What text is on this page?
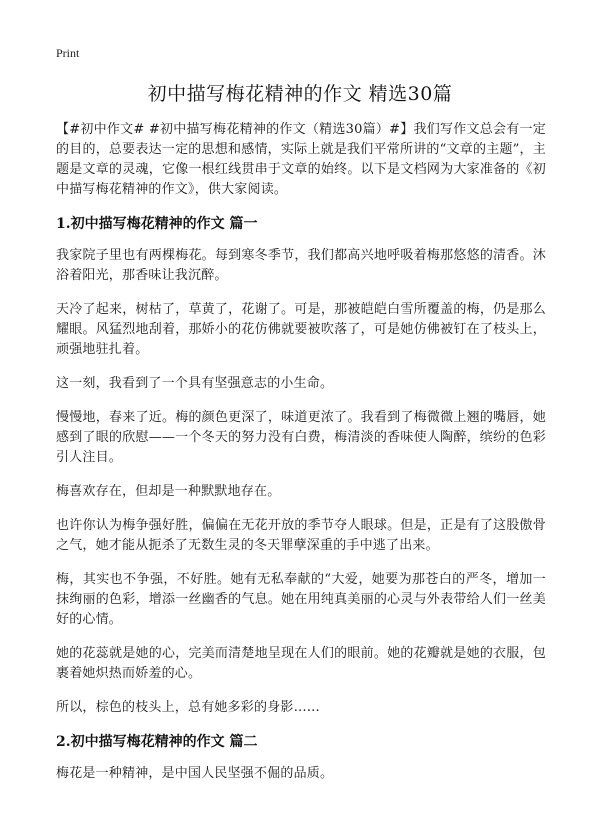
Print
初中描写梅花精神的作文 精选30篇

【#初中作文# #初中描写梅花精神的作文（精选30篇）#】我们写作文总会有一定的目的，总要表达一定的思想和感情，实际上就是我们平常所讲的“文章的主题”，主题是文章的灵魂，它像一根红线贯串于文章的始终。以下是文档网为大家准备的《初中描写梅花精神的作文》，供大家阅读。

1.初中描写梅花精神的作文 篇一

我家院子里也有两棵梅花。每到寒冬季节，我们都高兴地呼吸着梅那悠悠的清香。沐浴着阳光，那香味让我沉醉。

天冷了起来，树枯了，草黄了，花谢了。可是，那被皑皑白雪所覆盖的梅，仍是那么耀眼。风猛烈地刮着，那娇小的花仿佛就要被吹落了，可是她仿佛被钉在了枝头上，顽强地驻扎着。

这一刻，我看到了一个具有坚强意志的小生命。

慢慢地，春来了近。梅的颜色更深了，味道更浓了。我看到了梅微微上翘的嘴唇，她感到了眼的欣慰——一个冬天的努力没有白费，梅清淡的香味使人陶醉，缤纷的色彩引人注目。

梅喜欢存在，但却是一种默默地存在。

也许你认为梅争强好胜，偏偏在无花开放的季节夺人眼球。但是，正是有了这股傲骨之气，她才能从扼杀了无数生灵的冬天罪孽深重的手中逃了出来。

梅，其实也不争强，不好胜。她有无私奉献的“大爱，她要为那苍白的严冬，增加一抹绚丽的色彩，增添一丝幽香的气息。她在用纯真美丽的心灵与外表带给人们一丝美好的心情。

她的花蕊就是她的心，完美而清楚地呈现在人们的眼前。她的花瓣就是她的衣服，包裹着她炽热而娇羞的心。

所以，棕色的枝头上，总有她多彩的身影……

2.初中描写梅花精神的作文 篇二

梅花是一种精神，是中国人民坚强不倔的品质。
